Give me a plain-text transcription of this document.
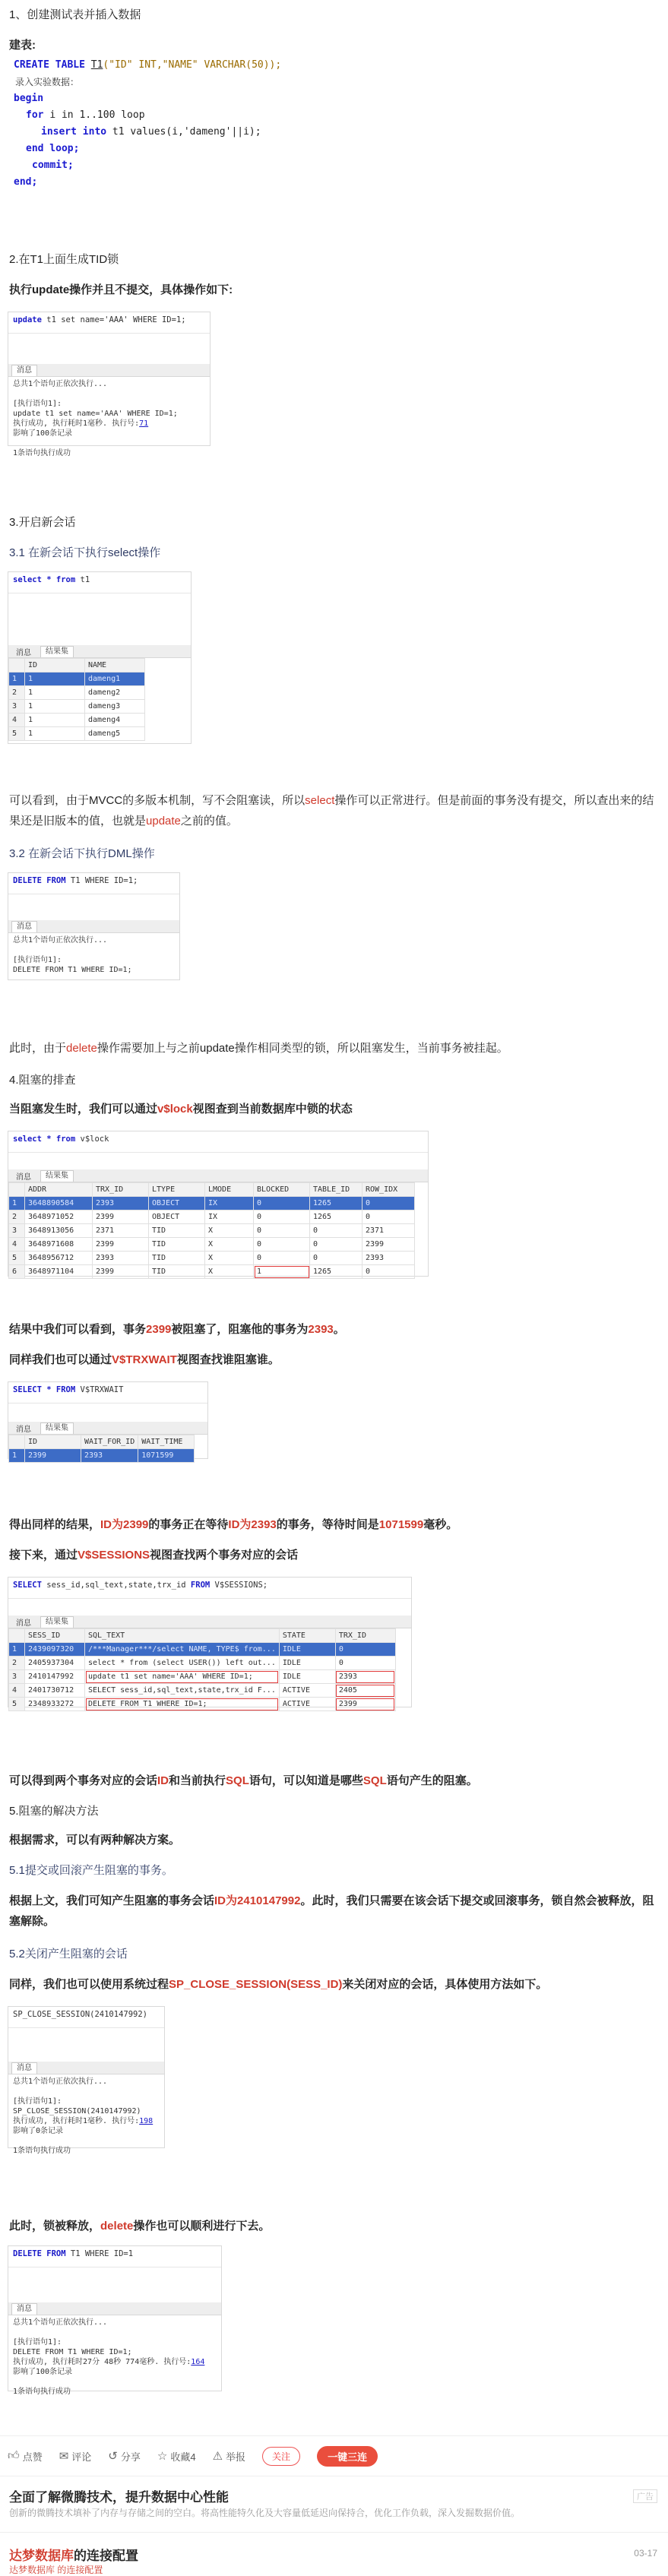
1、创建测试表并插入数据
建表:
CREATE TABLE T1("ID" INT,"NAME" VARCHAR(50));
录入实验数据：
begin
for i in 1..100 loop
insert into t1 values(i,'dameng'||i);
end loop;
commit;
end;
2.在T1上面生成TID锁
执行update操作并且不提交，具体操作如下:
update t1 set name='AAA' WHERE ID=1;
消息
总共1个语句正依次执行...

[执行语句1]:
update t1 set name='AAA' WHERE ID=1;
执行成功, 执行耗时1毫秒. 执行号:71
影响了100条记录

1条语句执行成功
3.开启新会话
3.1 在新会话下执行select操作
select * from t1
消息	结果集
	ID	NAME
1	1	dameng1
2	1	dameng2
3	1	dameng3
4	1	dameng4
5	1	dameng5
可以看到，由于MVCC的多版本机制，写不会阻塞读，所以select操作可以正常进行。但是前面的事务没有提交，所以查出来的结果还是旧版本的值，也就是update之前的值。
3.2 在新会话下执行DML操作
DELETE FROM T1 WHERE ID=1;
消息
总共1个语句正依次执行...

[执行语句1]:
DELETE FROM T1 WHERE ID=1;
此时，由于delete操作需要加上与之前update操作相同类型的锁，所以阻塞发生，当前事务被挂起。
4.阻塞的排查
当阻塞发生时，我们可以通过v$lock视图查到当前数据库中锁的状态
select * from v$lock
消息	结果集
	ADDR	TRX_ID	LTYPE	LMODE	BLOCKED	TABLE_ID	ROW_IDX
1	3648890584	2393	OBJECT	IX	0	1265	0
2	3648971052	2399	OBJECT	IX	0	1265	0
3	3648913056	2371	TID	X	0	0	2371
4	3648971608	2399	TID	X	0	0	2399
5	3648956712	2393	TID	X	0	0	2393
6	3648971104	2399	TID	X	1	1265	0
结果中我们可以看到，事务2399被阻塞了，阻塞他的事务为2393。
同样我们也可以通过V$TRXWAIT视图查找谁阻塞谁。
SELECT * FROM V$TRXWAIT
消息	结果集
	ID	WAIT_FOR_ID	WAIT_TIME
1	2399	2393	1071599
得出同样的结果，ID为2399的事务正在等待ID为2393的事务，等待时间是1071599毫秒。
接下来，通过V$SESSIONS视图查找两个事务对应的会话
SELECT sess_id,sql_text,state,trx_id FROM V$SESSIONS;
消息	结果集
	SESS_ID	SQL_TEXT	STATE	TRX_ID
1	2439097320	/***Manager***/select NAME, TYPE$ from...	IDLE	0
2	2405937304	select * from (select USER()) left out...	IDLE	0
3	2410147992	update t1 set name='AAA' WHERE ID=1;	IDLE	2393
4	2401730712	SELECT sess_id,sql_text,state,trx_id F...	ACTIVE	2405
5	2348933272	DELETE FROM T1 WHERE ID=1;	ACTIVE	2399
可以得到两个事务对应的会话ID和当前执行SQL语句，可以知道是哪些SQL语句产生的阻塞。
5.阻塞的解决方法
根据需求，可以有两种解决方案。
5.1提交或回滚产生阻塞的事务。
根据上文，我们可知产生阻塞的事务会话ID为2410147992。此时，我们只需要在该会话下提交或回滚事务，锁自然会被释放，阻塞解除。
5.2关闭产生阻塞的会话
同样，我们也可以使用系统过程SP_CLOSE_SESSION(SESS_ID)来关闭对应的会话，具体使用方法如下。
SP_CLOSE_SESSION(2410147992)
消息
总共1个语句正依次执行...

[执行语句1]:
SP_CLOSE_SESSION(2410147992)
执行成功, 执行耗时1毫秒. 执行号:198
影响了0条记录

1条语句执行成功
此时，锁被释放，delete操作也可以顺利进行下去。
DELETE FROM T1 WHERE ID=1
消息
总共1个语句正依次执行...

[执行语句1]:
DELETE FROM T1 WHERE ID=1;
执行成功, 执行耗时27分 48秒 774毫秒. 执行号:164
影响了100条记录

1条语句执行成功
👍︎ 点赞 ✉ 评论 ↺ 分享 ☆ 收藏4 ⚠ 举报	关注	一键三连
全面了解微腾技术，提升数据中心性能
创新的微腾技术填补了内存与存储之间的空白。将高性能特久化及大容量低延迟向保持合，优化工作负载，深入发掘数据价值。
广告
达梦数据库的连接配置	03-17
达梦数据库 的连接配置
